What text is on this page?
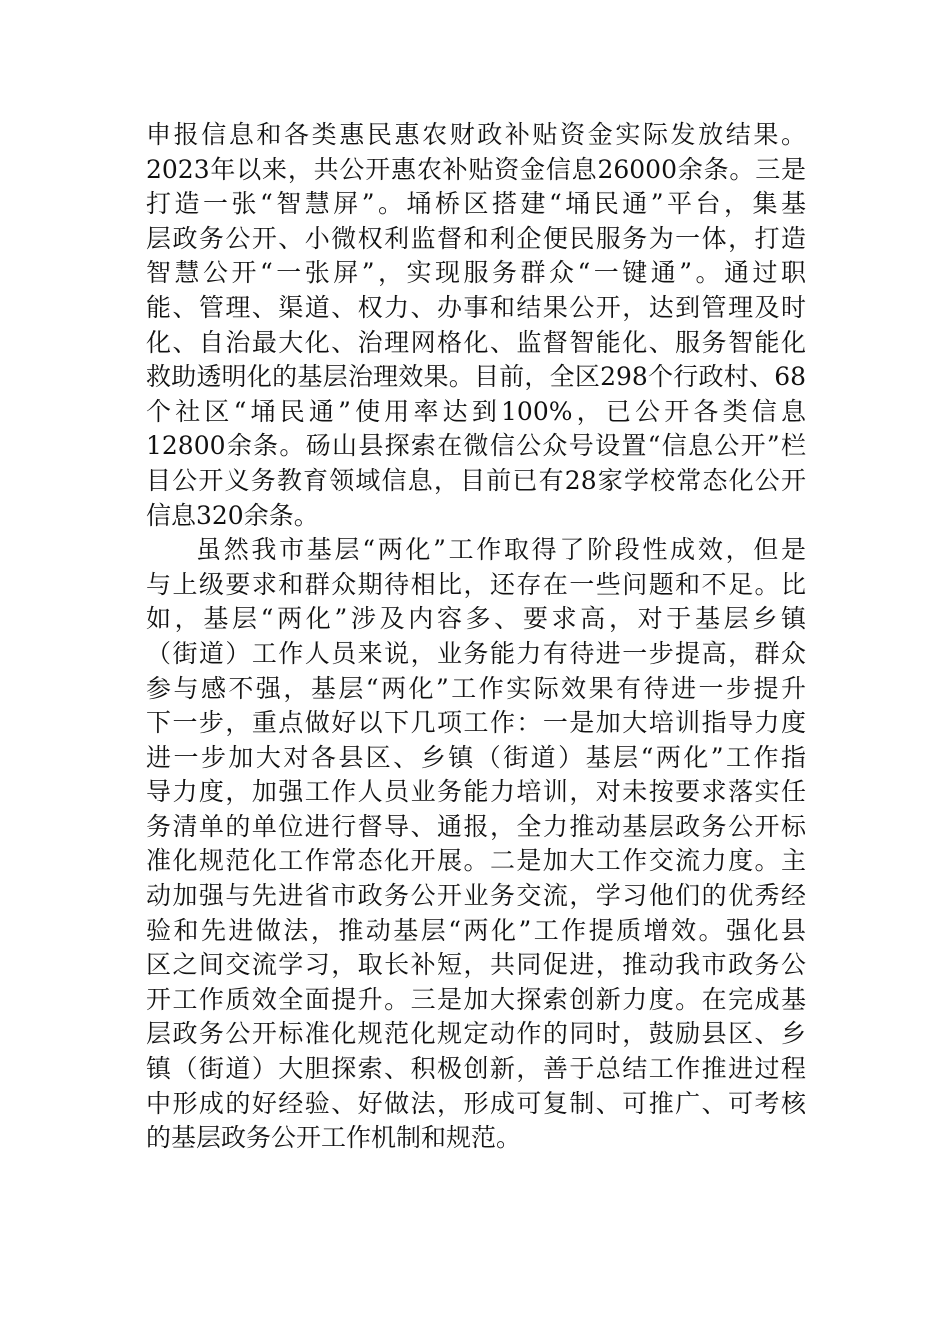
申报信息和各类惠民惠农财政补贴资金实际发放结果。
2023年以来，共公开惠农补贴资金信息26000余条。三是
打造一张“智慧屏”。埇桥区搭建“埇民通”平台，集基
层政务公开、小微权利监督和利企便民服务为一体，打造
智慧公开“一张屏”，实现服务群众“一键通”。通过职
能、管理、渠道、权力、办事和结果公开，达到管理及时
化、自治最大化、治理网格化、监督智能化、服务智能化
救助透明化的基层治理效果。目前，全区298个行政村、68
个社区“埇民通”使用率达到100%，已公开各类信息
12800余条。砀山县探索在微信公众号设置“信息公开”栏
目公开义务教育领域信息，目前已有28家学校常态化公开
信息320余条。
虽然我市基层“两化”工作取得了阶段性成效，但是
与上级要求和群众期待相比，还存在一些问题和不足。比
如，基层“两化”涉及内容多、要求高，对于基层乡镇
（街道）工作人员来说，业务能力有待进一步提高，群众
参与感不强，基层“两化”工作实际效果有待进一步提升
下一步，重点做好以下几项工作：一是加大培训指导力度
进一步加大对各县区、乡镇（街道）基层“两化”工作指
导力度，加强工作人员业务能力培训，对未按要求落实任
务清单的单位进行督导、通报，全力推动基层政务公开标
准化规范化工作常态化开展。二是加大工作交流力度。主
动加强与先进省市政务公开业务交流，学习他们的优秀经
验和先进做法，推动基层“两化”工作提质增效。强化县
区之间交流学习，取长补短，共同促进，推动我市政务公
开工作质效全面提升。三是加大探索创新力度。在完成基
层政务公开标准化规范化规定动作的同时，鼓励县区、乡
镇（街道）大胆探索、积极创新，善于总结工作推进过程
中形成的好经验、好做法，形成可复制、可推广、可考核
的基层政务公开工作机制和规范。
